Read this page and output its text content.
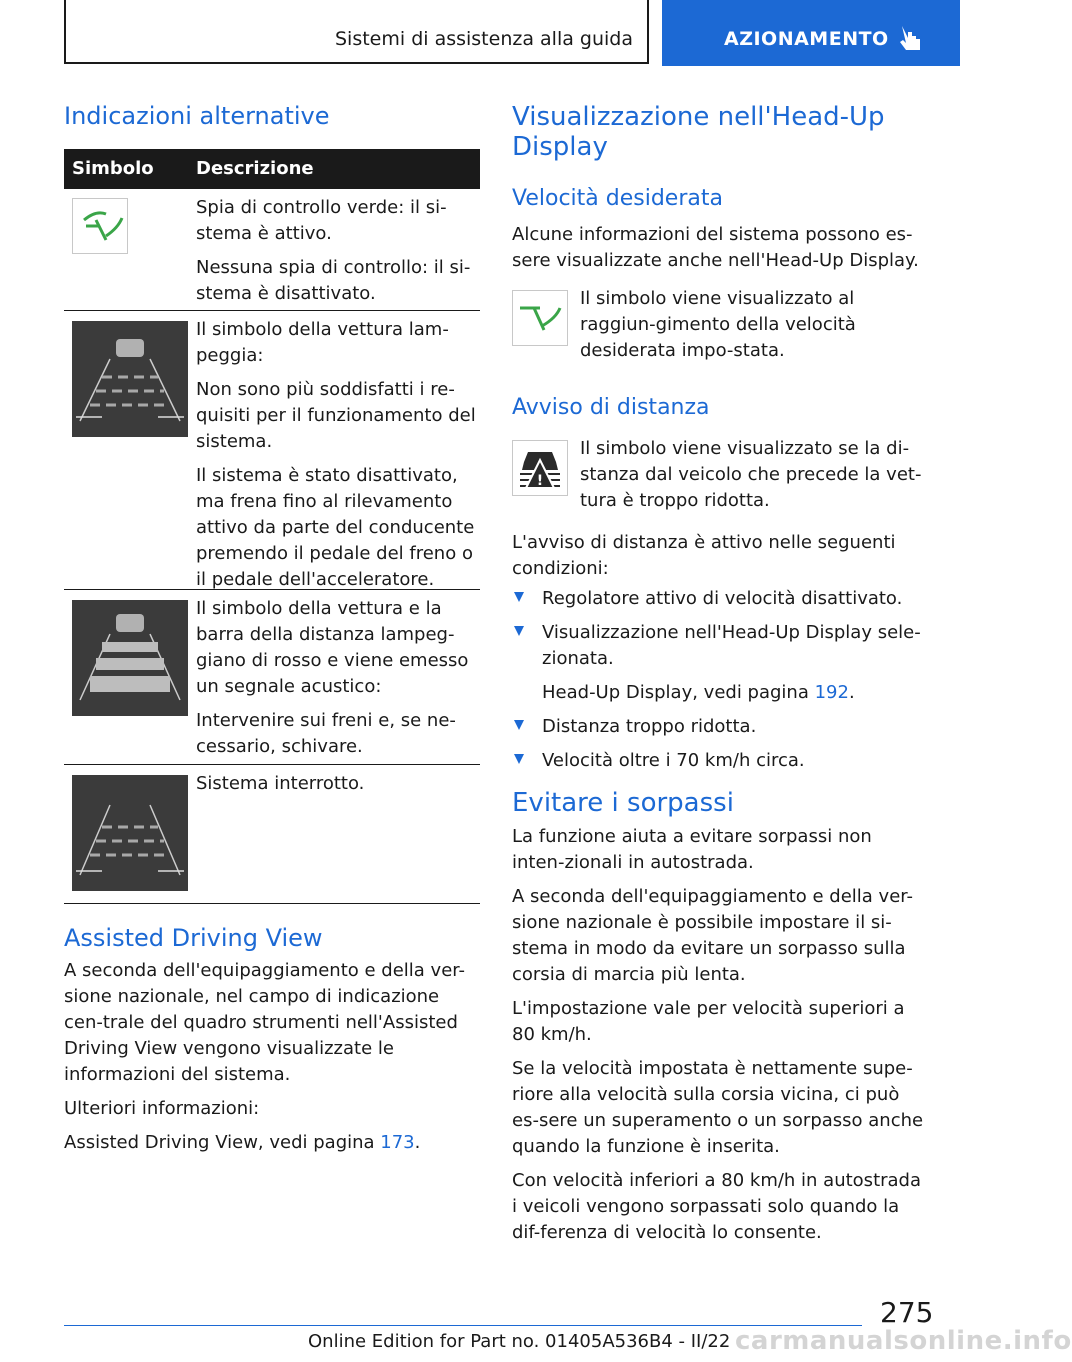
Sistemi di assistenza alla guida	AZIONAMENTO
Indicazioni alternative
Simbolo Descrizione

Spia di controllo verde: il si-stema è attivo.

Nessuna spia di controllo: il si-stema è disattivato.

Il simbolo della vettura lam-peggia:

Non sono più soddisfatti i re-quisiti per il funzionamento del sistema.

Il sistema è stato disattivato, ma frena fino al rilevamento attivo da parte del conducente premendo il pedale del freno o il pedale dell'acceleratore.

Il simbolo della vettura e la barra della distanza lampeg-giano di rosso e viene emesso un segnale acustico:

Intervenire sui freni e, se ne-cessario, schivare.

Sistema interrotto.

Assisted Driving View

A seconda dell'equipaggiamento e della ver-sione nazionale, nel campo di indicazione cen-trale del quadro strumenti nell'Assisted Driving View vengono visualizzate le informazioni del sistema.

Ulteriori informazioni:

Assisted Driving View, vedi pagina 173.

Visualizzazione nell'Head-Up Display
Velocità desiderata

Alcune informazioni del sistema possono es-sere visualizzate anche nell'Head-Up Display.

Il simbolo viene visualizzato al raggiun-gimento della velocità desiderata impo-stata.

Avviso di distanza
!

Il simbolo viene visualizzato se la di-stanza dal veicolo che precede la vet-tura è troppo ridotta.

L'avviso di distanza è attivo nelle seguenti condizioni:

Regolatore attivo di velocità disattivato.

Visualizzazione nell'Head-Up Display sele-zionata.

Head-Up Display, vedi pagina 192.

Distanza troppo ridotta.

Velocità oltre i 70 km/h circa.

Evitare i sorpassi

La funzione aiuta a evitare sorpassi non inten-zionali in autostrada.

A seconda dell'equipaggiamento e della ver-sione nazionale è possibile impostare il si-stema in modo da evitare un sorpasso sulla corsia di marcia più lenta.

L'impostazione vale per velocità superiori a 80 km/h.

Se la velocità impostata è nettamente supe-riore alla velocità sulla corsia vicina, ci può es-sere un superamento o un sorpasso anche quando la funzione è inserita.

Con velocità inferiori a 80 km/h in autostrada i veicoli vengono sorpassati solo quando la dif-ferenza di velocità lo consente.

275
Online Edition for Part no. 01405A536B4 - II/22 carmanualsonline.info
